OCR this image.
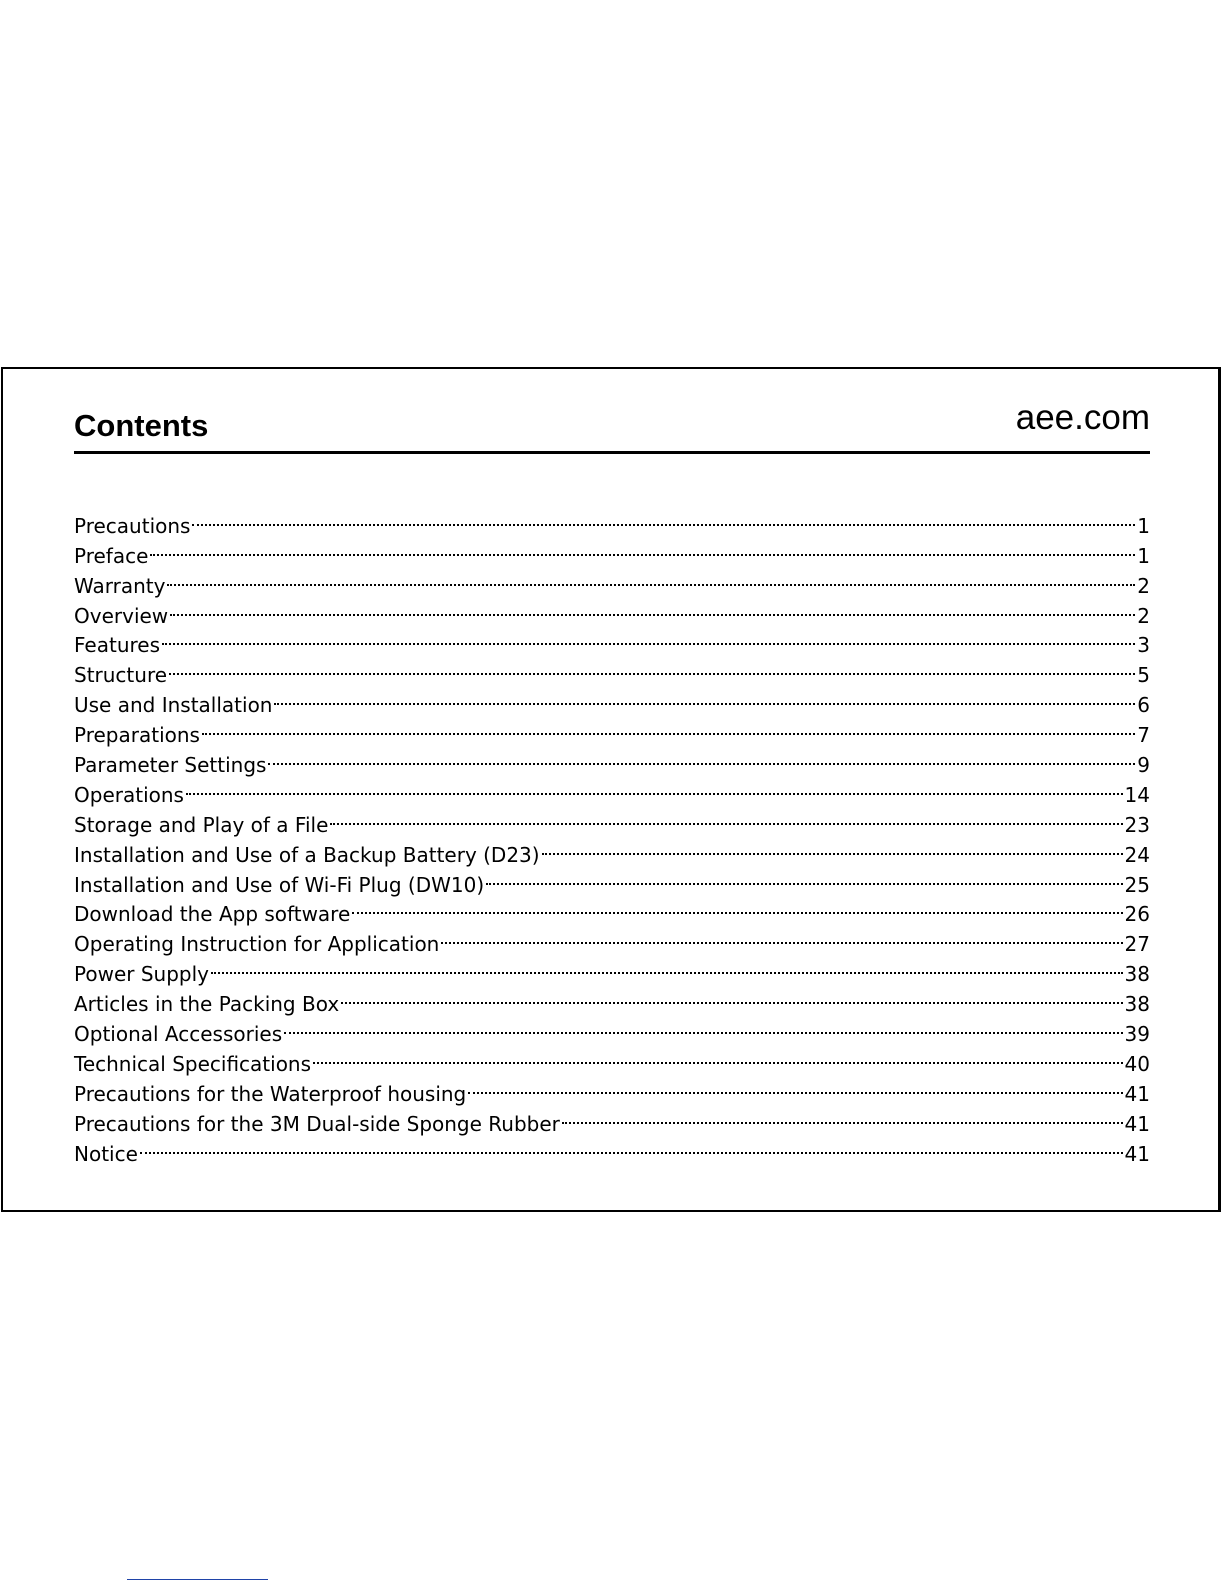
Contents	aee.com
Precautions	1
Preface	1
Warranty	2
Overview	2
Features	3
Structure	5
Use and Installation	6
Preparations	7
Parameter Settings	9
Operations	14
Storage and Play of a File	23
Installation and Use of a Backup Battery (D23)	24
Installation and Use of Wi-Fi Plug (DW10)	25
Download the App software	26
Operating Instruction for Application	27
Power Supply	38
Articles in the Packing Box	38
Optional Accessories	39
Technical Specifications	40
Precautions for the Waterproof housing	41
Precautions for the 3M Dual-side Sponge Rubber	41
Notice	41
